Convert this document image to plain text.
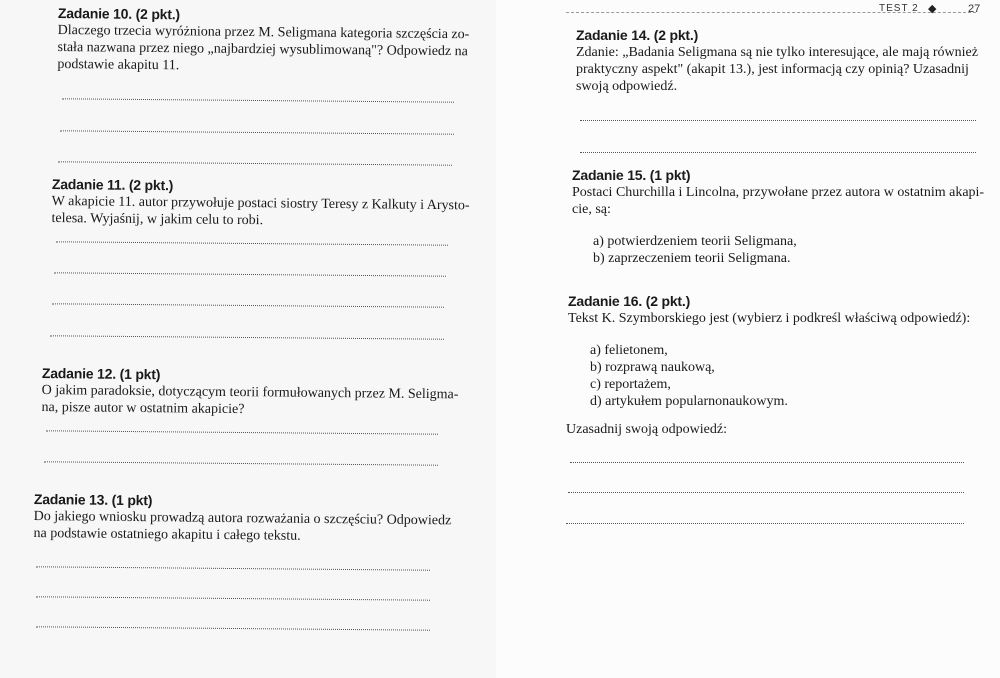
Zadanie 10. (2 pkt.)

Dlaczego trzecia wyróżniona przez M. Seligmana kategoria szczęścia zo-stała nazwana przez niego „najbardziej wysublimowaną"? Odpowiedz na podstawie akapitu 11.

Zadanie 11. (2 pkt.)

W akapicie 11. autor przywołuje postaci siostry Teresy z Kalkuty i Arysto-telesa. Wyjaśnij, w jakim celu to robi.

Zadanie 12. (1 pkt)

O jakim paradoksie, dotyczącym teorii formułowanych przez M. Seligma-na, pisze autor w ostatnim akapicie?

Zadanie 13. (1 pkt)

Do jakiego wniosku prowadzą autora rozważania o szczęściu? Odpowiedz na podstawie ostatniego akapitu i całego tekstu.

TEST 2 ◆	27
Zadanie 14. (2 pkt.)

Zdanie: „Badania Seligmana są nie tylko interesujące, ale mają również praktyczny aspekt" (akapit 13.), jest informacją czy opinią? Uzasadnij swoją odpowiedź.

Zadanie 15. (1 pkt)

Postaci Churchilla i Lincolna, przywołane przez autora w ostatnim akapi-cie, są:

a) potwierdzeniem teorii Seligmana,
b) zaprzeczeniem teorii Seligmana.
Zadanie 16. (2 pkt.)

Tekst K. Szymborskiego jest (wybierz i podkreśl właściwą odpowiedź):

a) felietonem,
b) rozprawą naukową,
c) reportażem,
d) artykułem popularnonaukowym.
Uzasadnij swoją odpowiedź:
